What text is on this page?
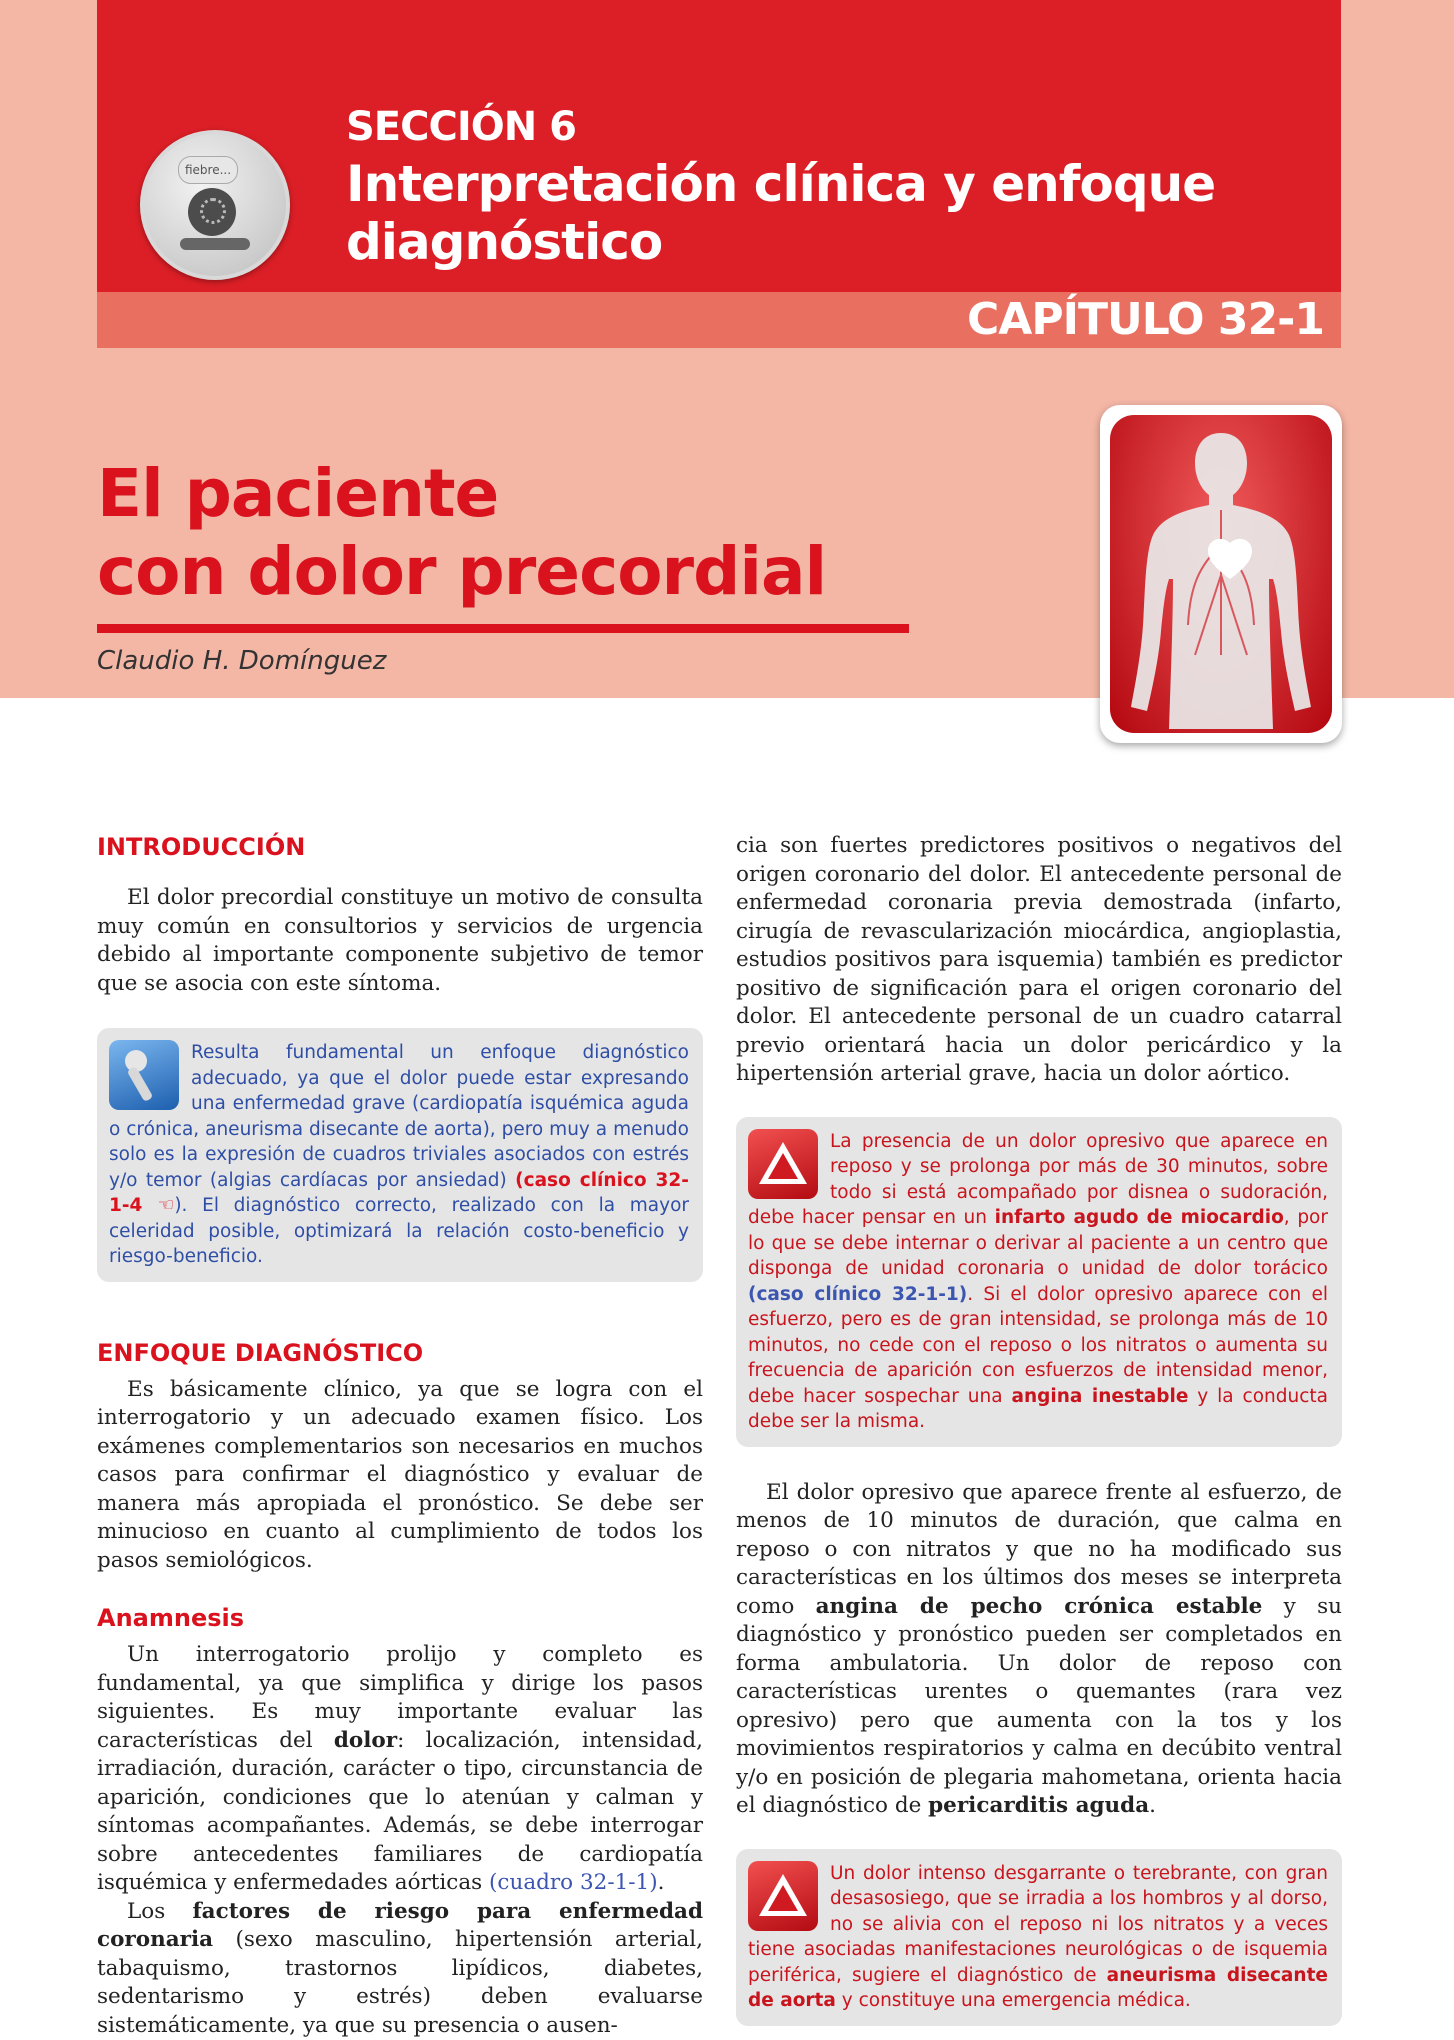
CAPÍTULO 32-1
fiebre...
SECCIÓN 6
Interpretación clínica y enfoque diagnóstico
El paciente
con dolor precordial
Claudio H. Domínguez
INTRODUCCIÓN

El dolor precordial constituye un motivo de consulta muy común en consultorios y servicios de urgencia debido al importante componente subjetivo de temor que se asocia con este síntoma.

Resulta fundamental un enfoque diagnóstico adecuado, ya que el dolor puede estar expresando una enfermedad grave (cardiopatía isquémica aguda o crónica, aneurisma disecante de aorta), pero muy a menudo solo es la expresión de cuadros triviales asociados con estrés y/o temor (algias cardíacas por ansiedad) (caso clínico 32-1-4 ☜). El diagnóstico correcto, realizado con la mayor celeridad posible, optimizará la relación costo-beneficio y riesgo-beneficio.
ENFOQUE DIAGNÓSTICO

Es básicamente clínico, ya que se logra con el interrogatorio y un adecuado examen físico. Los exámenes complementarios son necesarios en muchos casos para confirmar el diagnóstico y evaluar de manera más apropiada el pronóstico. Se debe ser minucioso en cuanto al cumplimiento de todos los pasos semiológicos.

Anamnesis

Un interrogatorio prolijo y completo es fundamental, ya que simplifica y dirige los pasos siguientes. Es muy importante evaluar las características del dolor: localización, intensidad, irradiación, duración, carácter o tipo, circunstancia de aparición, condiciones que lo atenúan y calman y síntomas acompañantes. Además, se debe interrogar sobre antecedentes familiares de cardiopatía isquémica y enfermedades aórticas (cuadro 32-1-1).

Los factores de riesgo para enfermedad coronaria (sexo masculino, hipertensión arterial, tabaquismo, trastornos lipídicos, diabetes, sedentarismo y estrés) deben evaluarse sistemáticamente, ya que su presencia o ausen-

cia son fuertes predictores positivos o negativos del origen coronario del dolor. El antecedente personal de enfermedad coronaria previa demostrada (infarto, cirugía de revascularización miocárdica, angioplastia, estudios positivos para isquemia) también es predictor positivo de significación para el origen coronario del dolor. El antecedente personal de un cuadro catarral previo orientará hacia un dolor pericárdico y la hipertensión arterial grave, hacia un dolor aórtico.

La presencia de un dolor opresivo que aparece en reposo y se prolonga por más de 30 minutos, sobre todo si está acompañado por disnea o sudoración, debe hacer pensar en un infarto agudo de miocardio, por lo que se debe internar o derivar al paciente a un centro que disponga de unidad coronaria o unidad de dolor torácico (caso clínico 32-1-1). Si el dolor opresivo aparece con el esfuerzo, pero es de gran intensidad, se prolonga más de 10 minutos, no cede con el reposo o los nitratos o aumenta su frecuencia de aparición con esfuerzos de intensidad menor, debe hacer sospechar una angina inestable y la conducta debe ser la misma.

El dolor opresivo que aparece frente al esfuerzo, de menos de 10 minutos de duración, que calma en reposo o con nitratos y que no ha modificado sus características en los últimos dos meses se interpreta como angina de pecho crónica estable y su diagnóstico y pronóstico pueden ser completados en forma ambulatoria. Un dolor de reposo con características urentes o quemantes (rara vez opresivo) pero que aumenta con la tos y los movimientos respiratorios y calma en decúbito ventral y/o en posición de plegaria mahometana, orienta hacia el diagnóstico de pericarditis aguda.

Un dolor intenso desgarrante o terebrante, con gran desasosiego, que se irradia a los hombros y al dorso, no se alivia con el reposo ni los nitratos y a veces tiene asociadas manifestaciones neurológicas o de isquemia periférica, sugiere el diagnóstico de aneurisma disecante de aorta y constituye una emergencia médica.
